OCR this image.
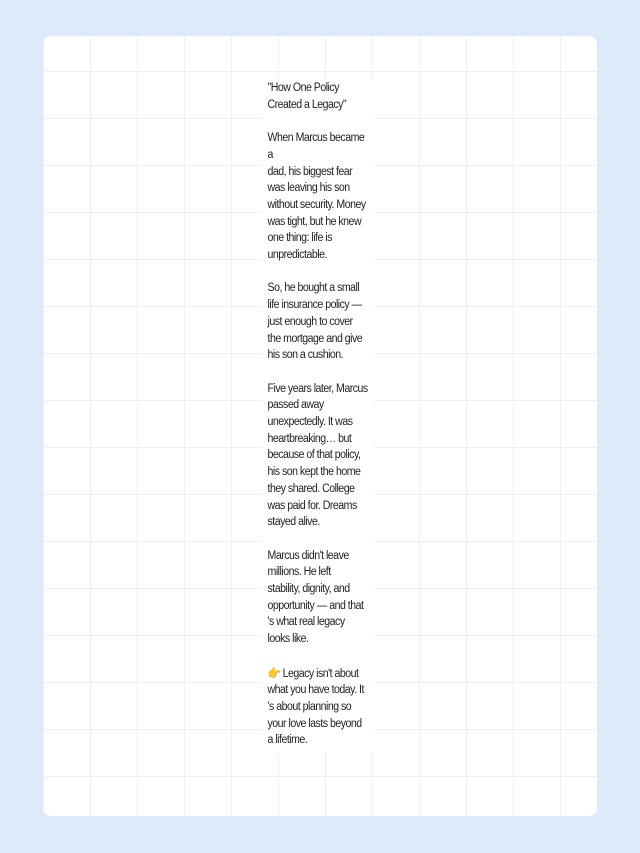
"How One Policy
Created a Legacy"

When Marcus became a
dad, his biggest fear
was leaving his son
without security. Money
was tight, but he knew
one thing: life is
unpredictable.

So, he bought a small
life insurance policy —
just enough to cover
the mortgage and give
his son a cushion.

Five years later, Marcus
passed away
unexpectedly. It was
heartbreaking… but
because of that policy,
his son kept the home
they shared. College
was paid for. Dreams
stayed alive.

Marcus didn't leave
millions. He left
stability, dignity, and
opportunity — and that
's what real legacy
looks like.

👉 Legacy isn't about
what you have today. It
's about planning so
your love lasts beyond
a lifetime.
